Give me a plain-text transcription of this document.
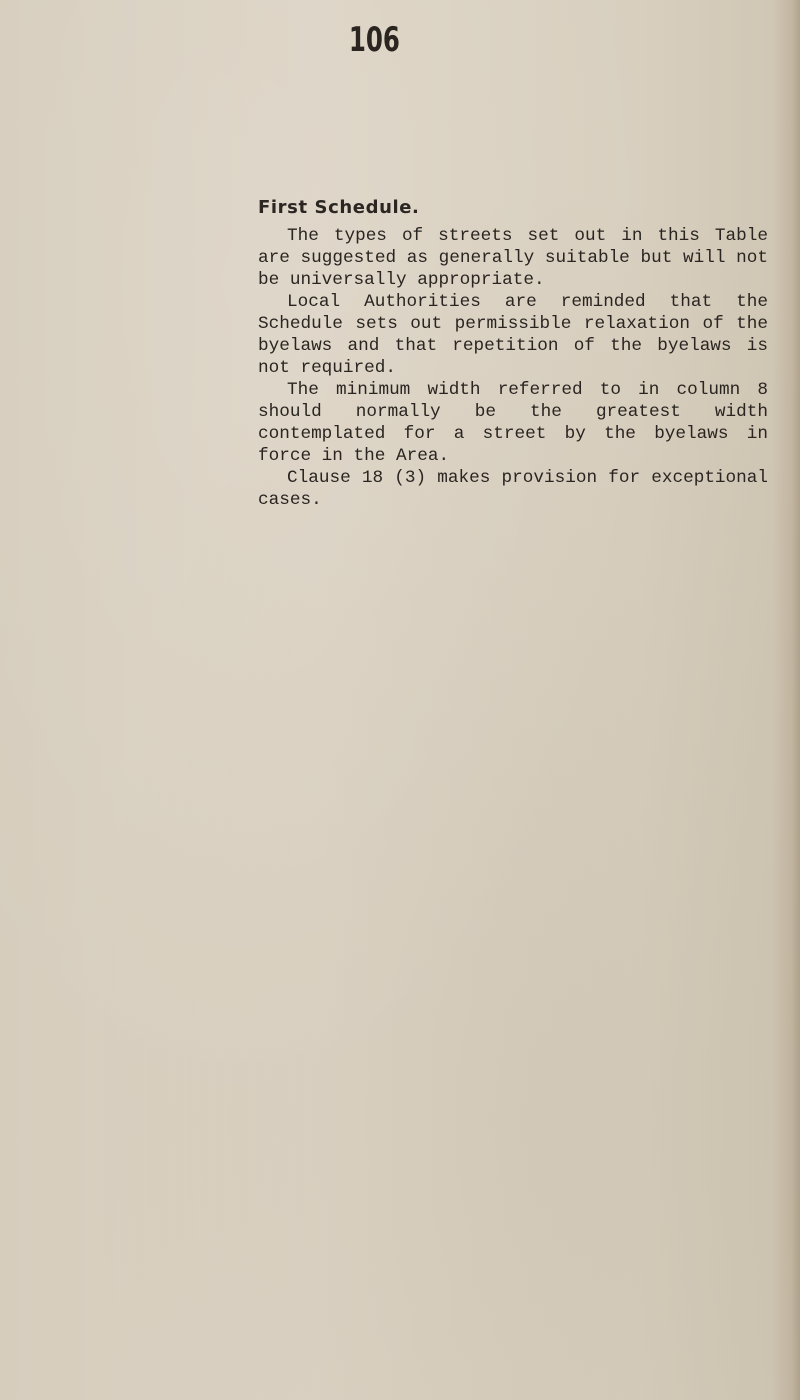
106
First Schedule.

The types of streets set out in this Table are suggested as generally suitable but will not be universally appropriate.

Local Authorities are reminded that the Schedule sets out permissible relaxation of the byelaws and that repetition of the byelaws is not required.

The minimum width referred to in column 8 should normally be the greatest width contemplated for a street by the byelaws in force in the Area.

Clause 18 (3) makes provision for exceptional cases.
